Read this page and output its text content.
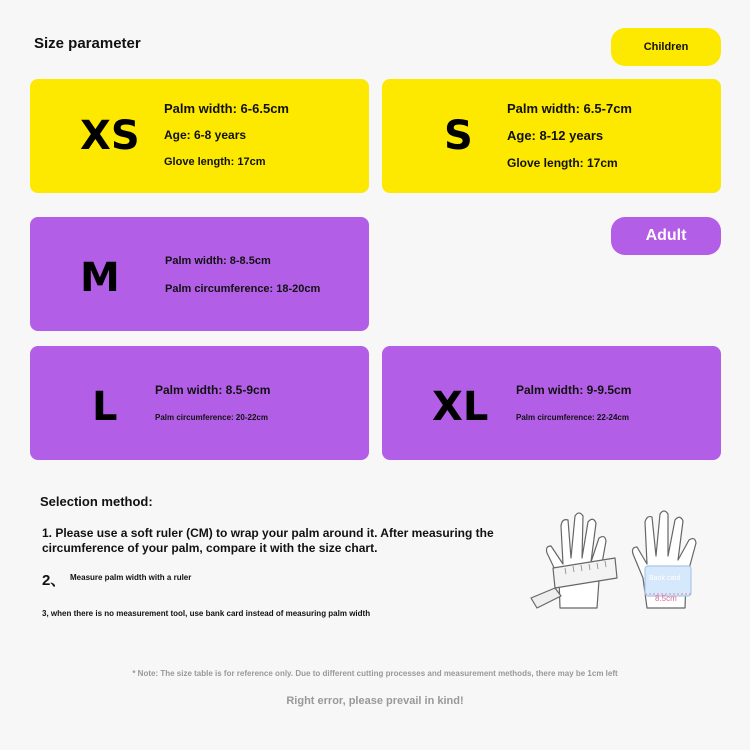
Size parameter	Children
XS
Palm width: 6-6.5cm
Age: 6-8 years
Glove length: 17cm
S
Palm width: 6.5-7cm
Age: 8-12 years
Glove length: 17cm
Adult
M	Palm width: 8-8.5cm
Palm circumference: 18-20cm
L	Palm width: 8.5-9cm
Palm circumference: 20-22cm	XL Palm width: 9-9.5cm
Palm circumference: 22-24cm
Selection method:
1. Please use a soft ruler (CM) to wrap your palm around it. After measuring the circumference of your palm, compare it with the size chart.
2、 Measure palm width with a ruler
3, when there is no measurement tool, use bank card instead of measuring palm width
Bank card
8.5cm
* Note: The size table is for reference only. Due to different cutting processes and measurement methods, there may be 1cm left
Right error, please prevail in kind!
